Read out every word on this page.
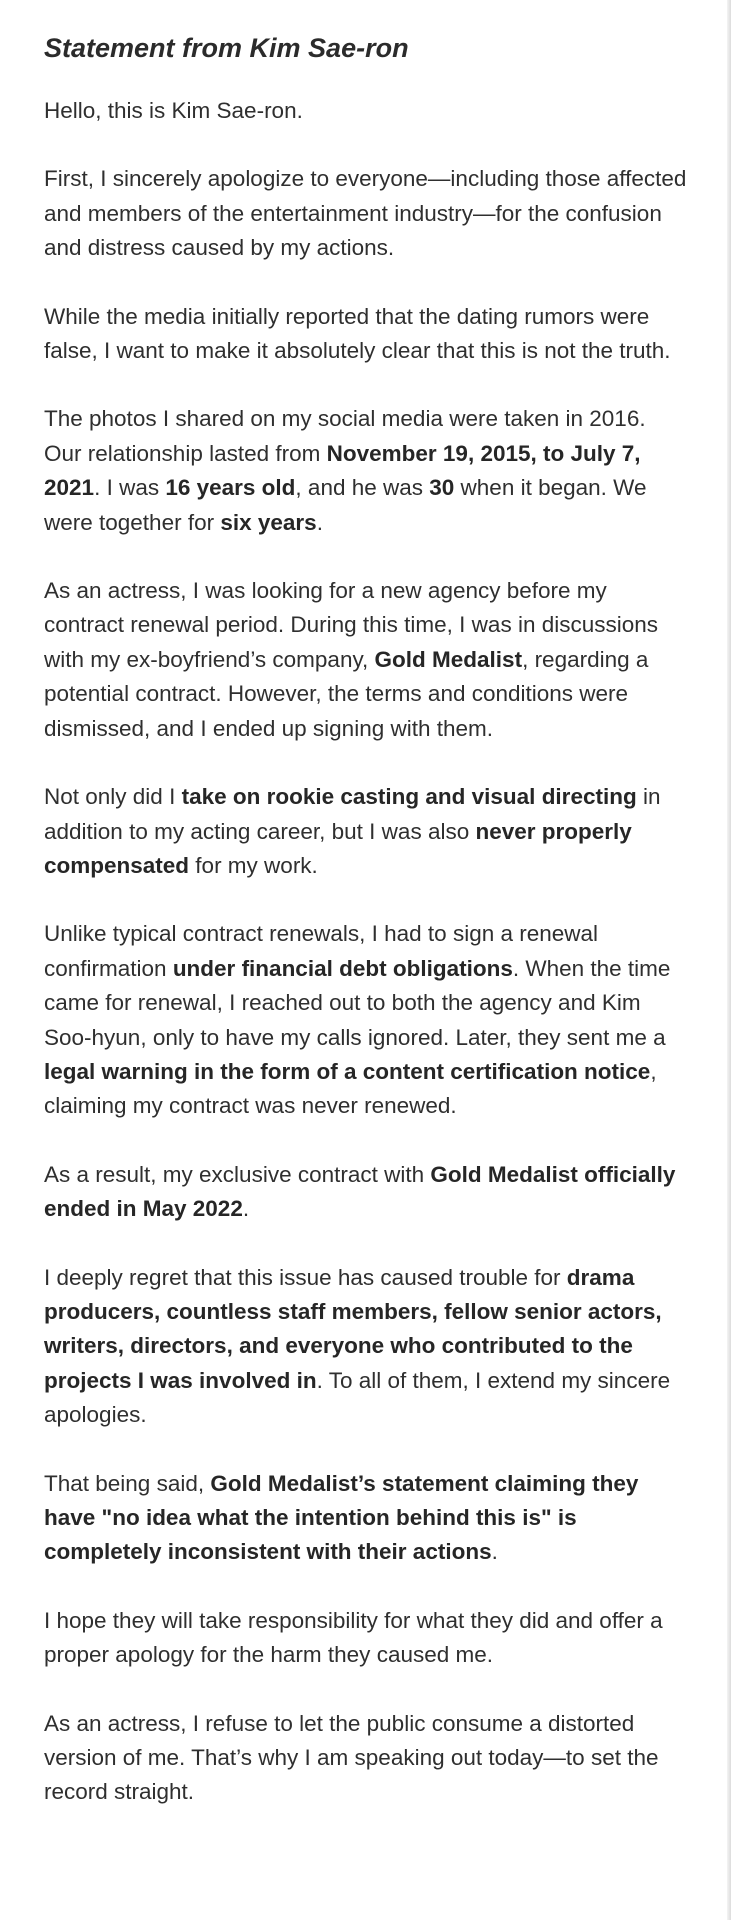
Statement from Kim Sae-ron

Hello, this is Kim Sae-ron.

First, I sincerely apologize to everyone—including those affected and members of the entertainment industry—for the confusion and distress caused by my actions.

While the media initially reported that the dating rumors were false, I want to make it absolutely clear that this is not the truth.

The photos I shared on my social media were taken in 2016. Our relationship lasted from November 19, 2015, to July 7, 2021. I was 16 years old, and he was 30 when it began. We were together for six years.

As an actress, I was looking for a new agency before my contract renewal period. During this time, I was in discussions with my ex-boyfriend’s company, Gold Medalist, regarding a potential contract. However, the terms and conditions were dismissed, and I ended up signing with them.

Not only did I take on rookie casting and visual directing in addition to my acting career, but I was also never properly compensated for my work.

Unlike typical contract renewals, I had to sign a renewal confirmation under financial debt obligations. When the time came for renewal, I reached out to both the agency and Kim Soo-hyun, only to have my calls ignored. Later, they sent me a legal warning in the form of a content certification notice, claiming my contract was never renewed.

As a result, my exclusive contract with Gold Medalist officially ended in May 2022.

I deeply regret that this issue has caused trouble for drama producers, countless staff members, fellow senior actors, writers, directors, and everyone who contributed to the projects I was involved in. To all of them, I extend my sincere apologies.

That being said, Gold Medalist’s statement claiming they have "no idea what the intention behind this is" is completely inconsistent with their actions.

I hope they will take responsibility for what they did and offer a proper apology for the harm they caused me.

As an actress, I refuse to let the public consume a distorted version of me. That’s why I am speaking out today—to set the record straight.
